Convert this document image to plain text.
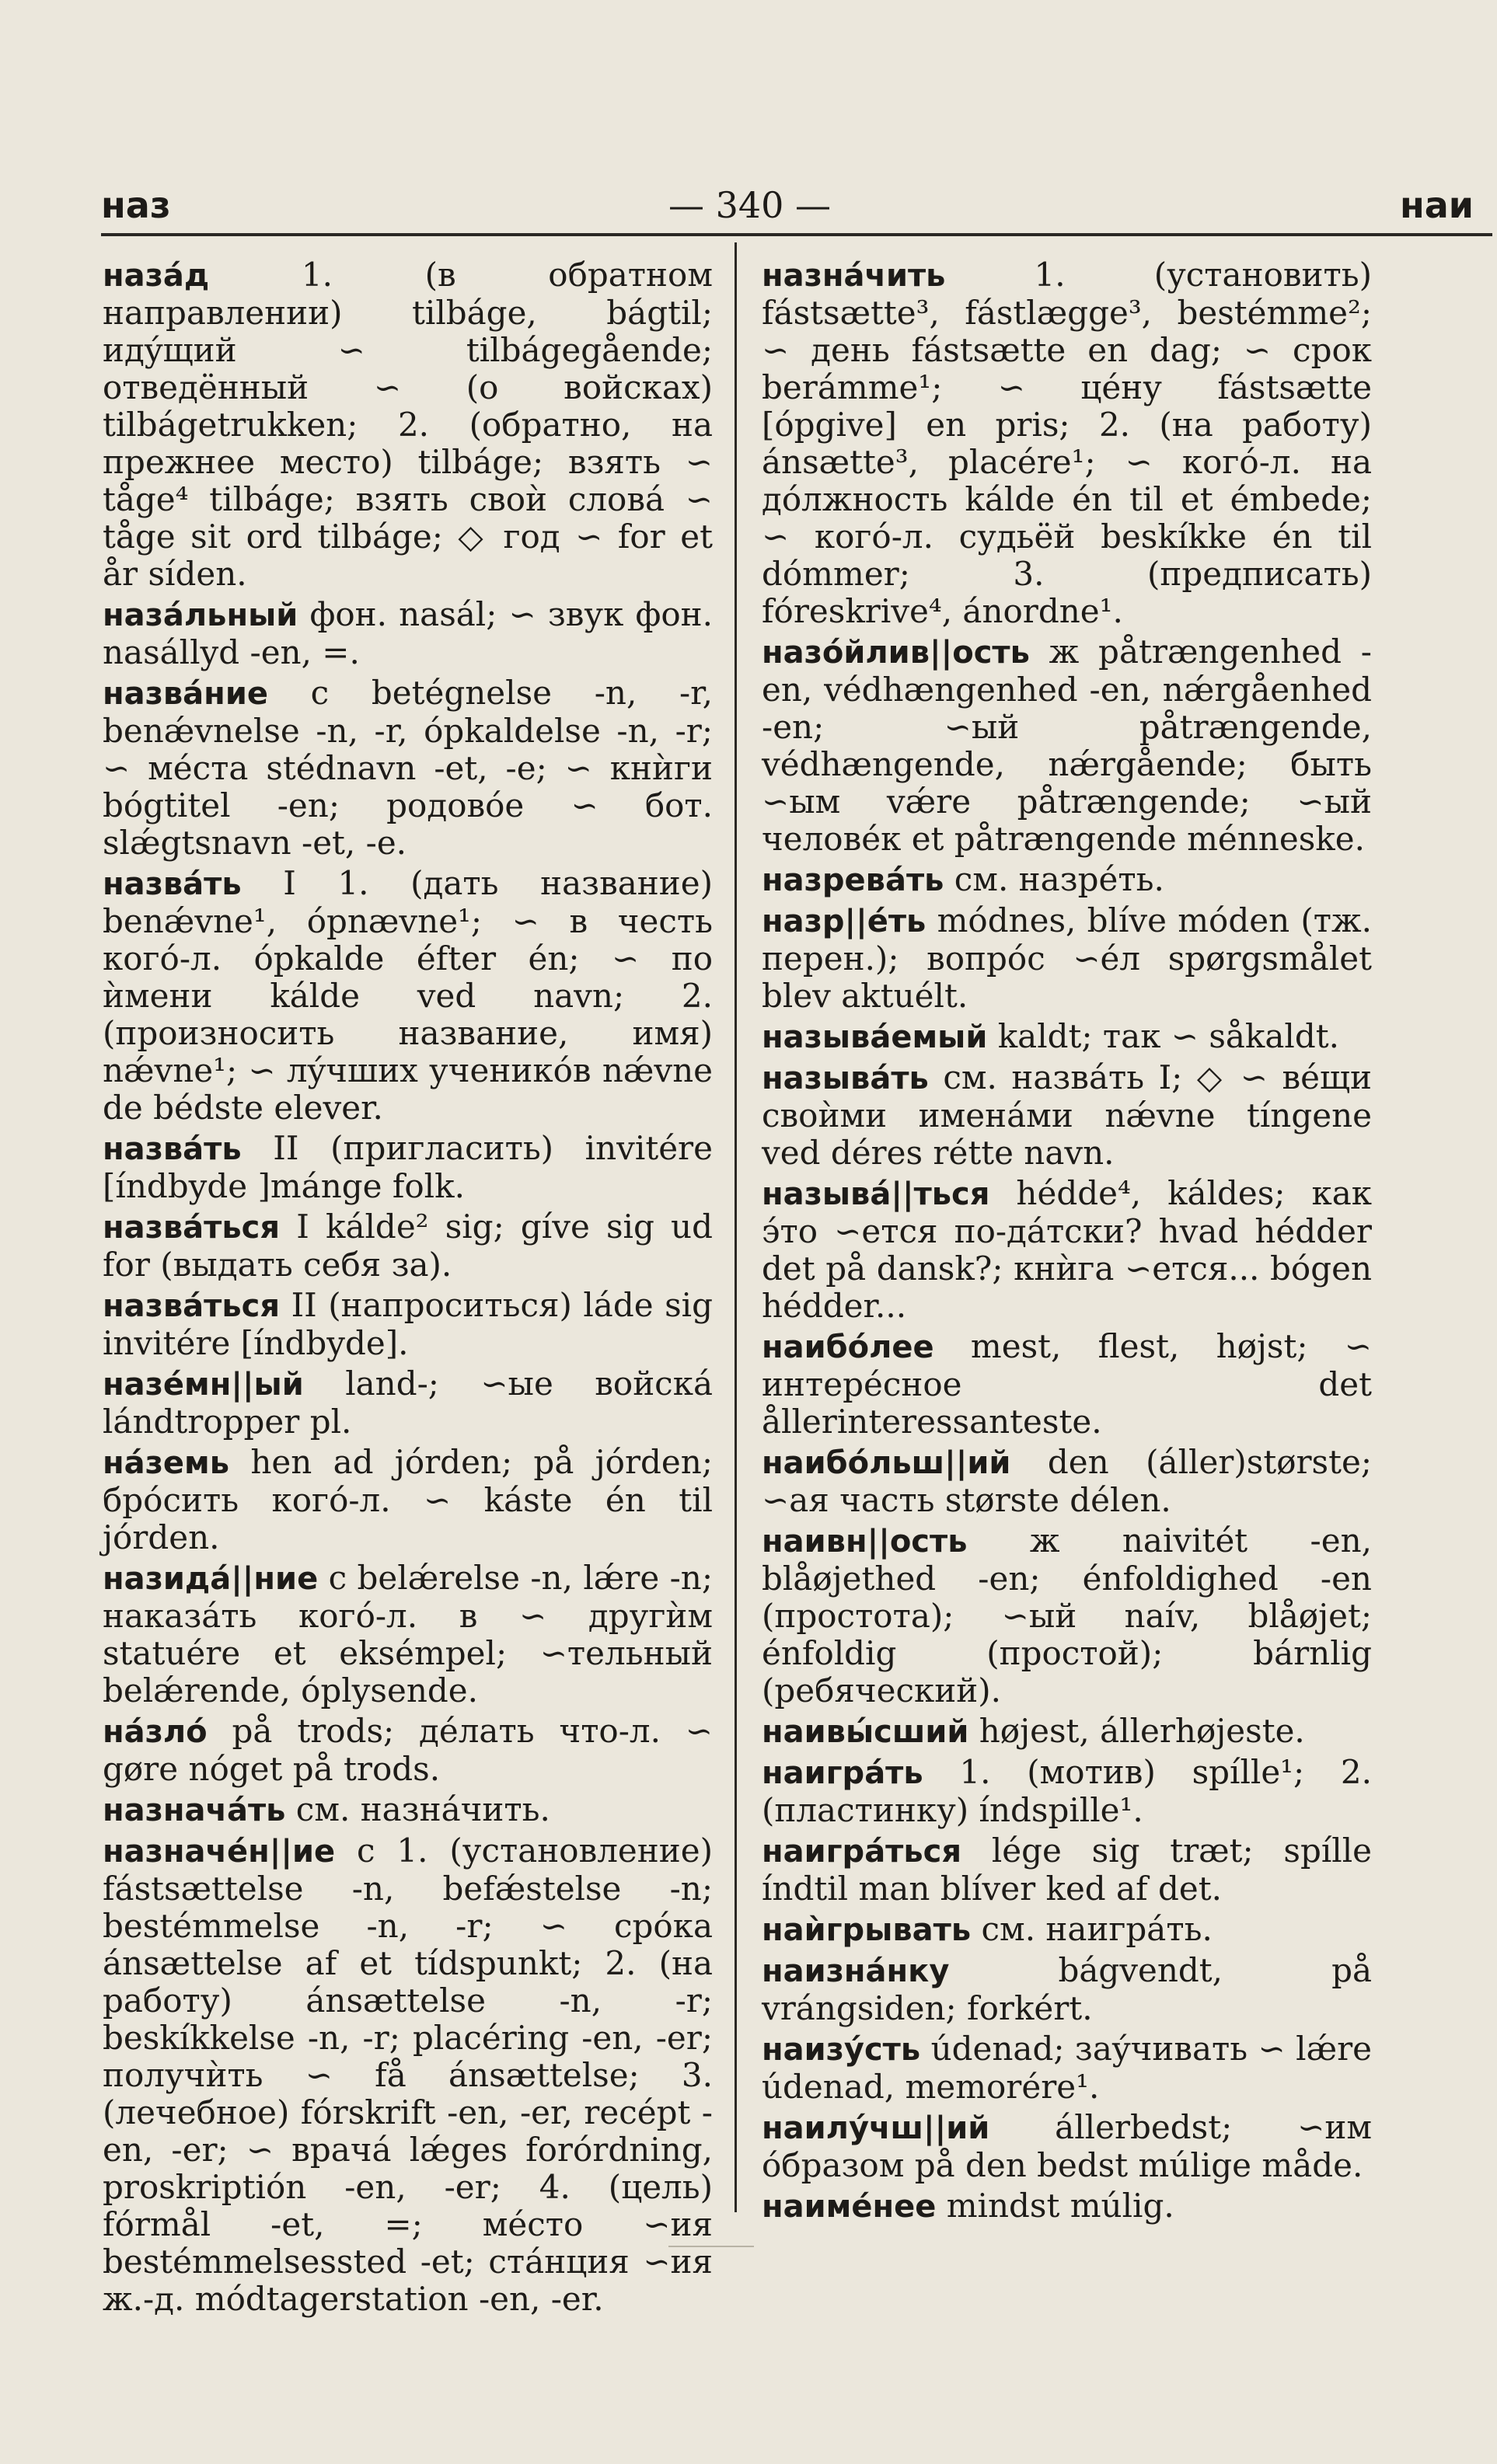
наз	— 340 —	наи

назáд	1. (в обратном направлении) tilbáge, bágtil; идýщий ∽ tilbágegående; отведённый ∽ (о войсках) tilbágetrukken; 2. (обратно, на прежнее место) tilbáge; взять ∽ tåge⁴ tilbáge; взять своѝ словá ∽ tåge sit ord tilbáge; ◇ год ∽ for et år síden.

назáльный фон. nasál; ∽ звук фон. nasállyd -en, =.

назвáние с betégnelse -n, -r, benǽvnelse -n, -r, ópkaldelse -n, -r; ∽ мéста stédnavn -et, -e; ∽ кнѝги bógtitel -en; родовóе ∽ бот. slǽgtsnavn -et, -e.

назвáть I 1. (дать название) benǽvne¹, ópnævne¹; ∽ в честь когó-л. ópkalde éfter én; ∽ по ѝмени kálde ved navn; 2. (произносить название, имя) nǽvne¹; ∽ лýчших ученикóв nǽvne de bédste elever.

назвáть II (пригласить) invitére [índbyde ]mánge folk.

назвáться I kálde² sig; gíve sig ud for (выдать себя за).

назвáться II (напроситься) láde sig invitére [índbyde].

назéмн||ый land-; ∽ые войскá lándtropper pl.

нáземь hen ad jórden; på jórden; брóсить когó-л. ∽ káste én til jórden.

назидá||ние с belǽrelse -n, lǽre -n; наказáть когó-л. в ∽ другѝм statuére et eksémpel; ∽тельный belǽrende, óplysende.

нáзлó på trods; дéлать что-л. ∽ gøre nóget på trods.

назначáть см. назнáчить.

назначéн||ие с 1. (установление) fástsættelse -n, befǽstelse -n; bestémmelse -n, -r; ∽ срóка ánsættelse af et tídspunkt; 2. (на работу) ánsættelse -n, -r; beskíkkelse -n, -r; placéring -en, -er; получѝть ∽ få ánsættelse; 3. (лечебное) fórskrift -en, -er, recépt -en, -er; ∽ врачá lǽges forórdning, proskriptión -en, -er; 4. (цель) fórmål -et, =; мéсто ∽ия bestémmelsessted -et; стáнция ∽ия ж.-д. módtagerstation -en, -er.

назнáчить	1. (установить) fástsætte³, fástlægge³, bestémme²; ∽ день fástsætte en dag; ∽ срок berámme¹; ∽ цéну fástsætte [ópgive] en pris; 2. (на работу) ánsætte³, placére¹; ∽ когó-л. на дóлжность kálde én til et émbede; ∽ когó-л. судьёй beskíkke én til dómmer; 3. (предписать) fóreskrive⁴, ánordne¹.

назóйлив||ость ж påtrængenhed -en, védhængenhed -en, nǽrgåenhed -en; ∽ый påtrængende, védhængende, nǽrgående; быть ∽ым vǽre påtrængende; ∽ый человéк et påtrængende ménneske.

назревáть см. назрéть.

назр||éть módnes, blíve móden (тж. перен.); вопрóс ∽éл spørgsmålet blev aktuélt.

назывáемый kaldt; так ∽ såkaldt.

называ́ть см. назвáть I; ◇ ∽ вéщи своѝми именáми nǽvne tíngene ved déres rétte navn.

называ́||ться hédde⁴, káldes; как э́то ∽ется по-дáтски? hvad hédder det på dansk?; кнѝга ∽ется... bógen hédder...

наибóлее mest, flest, højst; ∽ интерéсное det ållerinteressanteste.

наибóльш||ий den (áller)største; ∽ая часть største délen.

наивн||ость ж naivitét -en, blåøjethed -en; énfoldighed -en (простота); ∽ый naív, blåøjet; énfoldig (простой); bárnlig (ребяческий).

наивы́сший højest, állerhøjeste.

наигрáть 1. (мотив) spílle¹; 2. (пластинку) índspille¹.

наигрáться lége sig træt; spílle índtil man blíver ked af det.

наѝгрывать см. наигрáть.

наизнáнку	bágvendt, på vrángsiden; forkért.

наизýсть údenad; заýчивать ∽ lǽre údenad, memorére¹.

наилýчш||ий állerbedst; ∽им óбразом på den bedst múlige måde.

наимéнее mindst múlig.
